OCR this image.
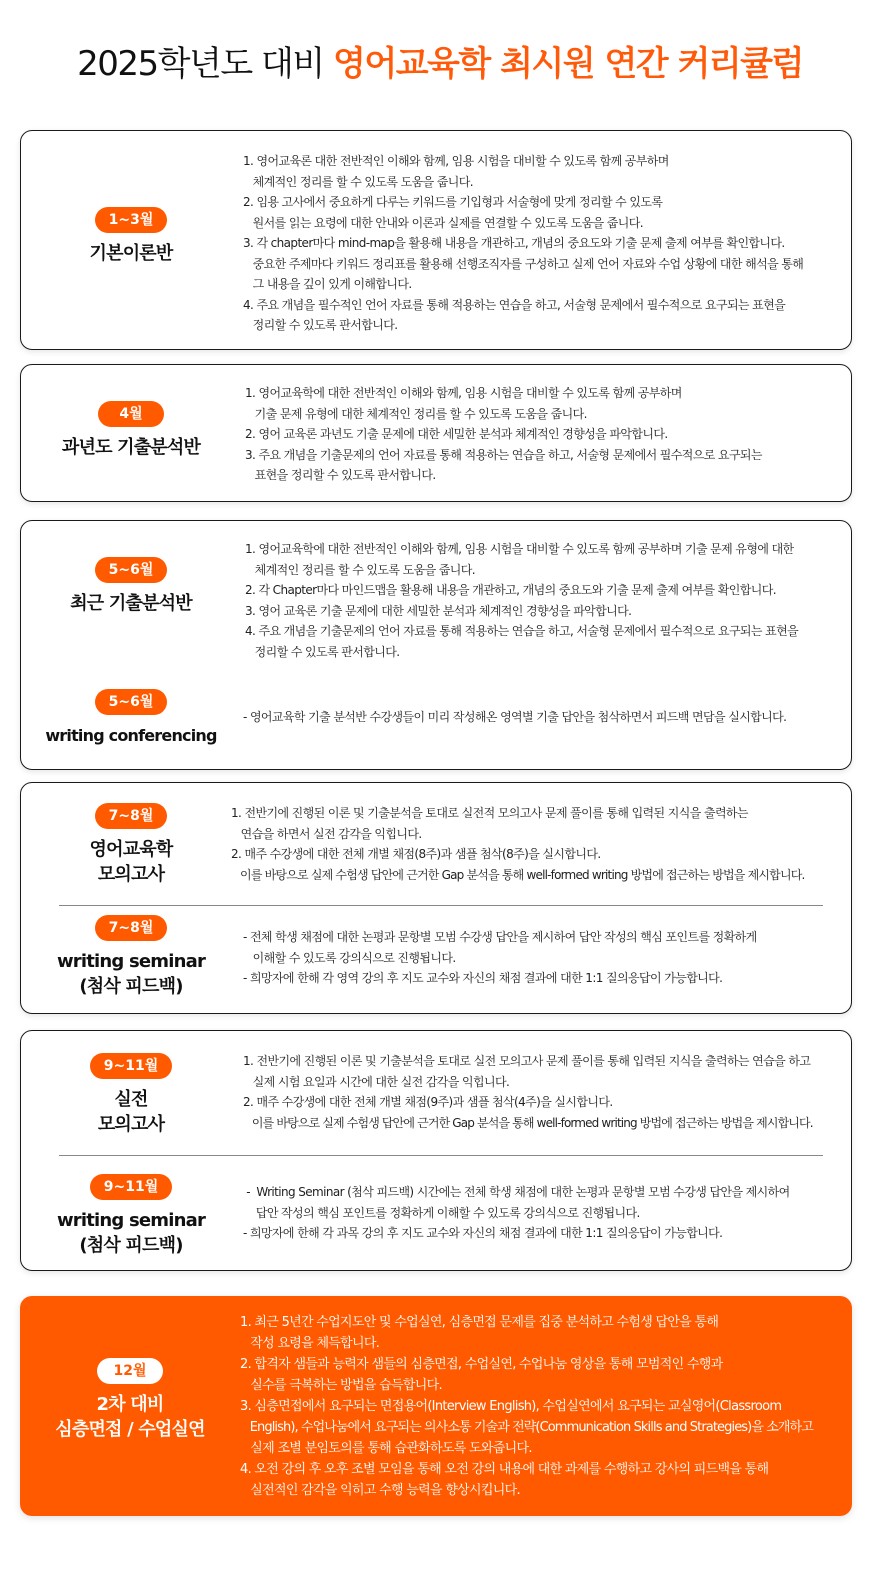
2025학년도 대비 영어교육학 최시원 연간 커리큘럼
1~3월
기본이론반
1. 영어교육론 대한 전반적인 이해와 함께, 임용 시험을 대비할 수 있도록 함께 공부하며
체계적인 정리를 할 수 있도록 도움을 줍니다.
2. 임용 고사에서 중요하게 다루는 키워드를 기입형과 서술형에 맞게 정리할 수 있도록
원서를 읽는 요령에 대한 안내와 이론과 실제를 연결할 수 있도록 도움을 줍니다.
3. 각 chapter마다 mind-map을 활용해 내용을 개관하고, 개념의 중요도와 기출 문제 출제 여부를 확인합니다.
중요한 주제마다 키워드 정리표를 활용해 선행조직자를 구성하고 실제 언어 자료와 수업 상황에 대한 해석을 통해
그 내용을 깊이 있게 이해합니다.
4. 주요 개념을 필수적인 언어 자료를 통해 적용하는 연습을 하고, 서술형 문제에서 필수적으로 요구되는 표현을
정리할 수 있도록 판서합니다.
4월
과년도 기출분석반
1. 영어교육학에 대한 전반적인 이해와 함께, 임용 시험을 대비할 수 있도록 함께 공부하며
기출 문제 유형에 대한 체계적인 정리를 할 수 있도록 도움을 줍니다.
2. 영어 교육론 과년도 기출 문제에 대한 세밀한 분석과 체계적인 경향성을 파악합니다.
3. 주요 개념을 기출문제의 언어 자료를 통해 적용하는 연습을 하고, 서술형 문제에서 필수적으로 요구되는
표현을 정리할 수 있도록 판서합니다.
5~6월
최근 기출분석반
1. 영어교육학에 대한 전반적인 이해와 함께, 임용 시험을 대비할 수 있도록 함께 공부하며 기출 문제 유형에 대한
체계적인 정리를 할 수 있도록 도움을 줍니다.
2. 각 Chapter마다 마인드맵을 활용해 내용을 개관하고, 개념의 중요도와 기출 문제 출제 여부를 확인합니다.
3. 영어 교육론 기출 문제에 대한 세밀한 분석과 체계적인 경향성을 파악합니다.
4. 주요 개념을 기출문제의 언어 자료를 통해 적용하는 연습을 하고, 서술형 문제에서 필수적으로 요구되는 표현을
정리할 수 있도록 판서합니다.
5~6월
writing conferencing
- 영어교육학 기출 분석반 수강생들이 미리 작성해온 영역별 기출 답안을 첨삭하면서 피드백 면담을 실시합니다.
7~8월
영어교육학
모의고사
1. 전반기에 진행된 이론 및 기출분석을 토대로 실전적 모의고사 문제 풀이를 통해 입력된 지식을 출력하는
연습을 하면서 실전 감각을 익힙니다.
2. 매주 수강생에 대한 전체 개별 채점(8주)과 샘플 첨삭(8주)을 실시합니다.
이를 바탕으로 실제 수험생 답안에 근거한 Gap 분석을 통해 well-formed writing 방법에 접근하는 방법을 제시합니다.
7~8월
writing seminar
(첨삭 피드백)
- 전체 학생 채점에 대한 논평과 문항별 모범 수강생 답안을 제시하여 답안 작성의 핵심 포인트를 정확하게
이해할 수 있도록 강의식으로 진행됩니다.
- 희망자에 한해 각 영역 강의 후 지도 교수와 자신의 채점 결과에 대한 1:1 질의응답이 가능합니다.
9~11월
실전
모의고사
1. 전반기에 진행된 이론 및 기출분석을 토대로 실전 모의고사 문제 풀이를 통해 입력된 지식을 출력하는 연습을 하고
실제 시험 요일과 시간에 대한 실전 감각을 익힙니다.
2. 매주 수강생에 대한 전체 개별 채점(9주)과 샘플 첨삭(4주)을 실시합니다.
이를 바탕으로 실제 수험생 답안에 근거한 Gap 분석을 통해 well-formed writing 방법에 접근하는 방법을 제시합니다.
9~11월
writing seminar
(첨삭 피드백)
-  Writing Seminar (첨삭 피드백) 시간에는 전체 학생 채점에 대한 논평과 문항별 모범 수강생 답안을 제시하여
답안 작성의 핵심 포인트를 정확하게 이해할 수 있도록 강의식으로 진행됩니다.
- 희망자에 한해 각 과목 강의 후 지도 교수와 자신의 채점 결과에 대한 1:1 질의응답이 가능합니다.
12월
2차 대비
심층면접 / 수업실연
1. 최근 5년간 수업지도안 및 수업실연, 심층면접 문제를 집중 분석하고 수험생 답안을 통해
작성 요령을 체득합니다.
2. 합격자 샘들과 능력자 샘들의 심층면접, 수업실연, 수업나눔 영상을 통해 모범적인 수행과
실수를 극복하는 방법을 습득합니다.
3. 심층면접에서 요구되는 면접용어(Interview English), 수업실연에서 요구되는 교실영어(Classroom
English), 수업나눔에서 요구되는 의사소통 기술과 전략(Communication Skills and Strategies)을 소개하고
실제 조별 분임토의를 통해 습관화하도록 도와줍니다.
4. 오전 강의 후 오후 조별 모임을 통해 오전 강의 내용에 대한 과제를 수행하고 강사의 피드백을 통해
실전적인 감각을 익히고 수행 능력을 향상시킵니다.
